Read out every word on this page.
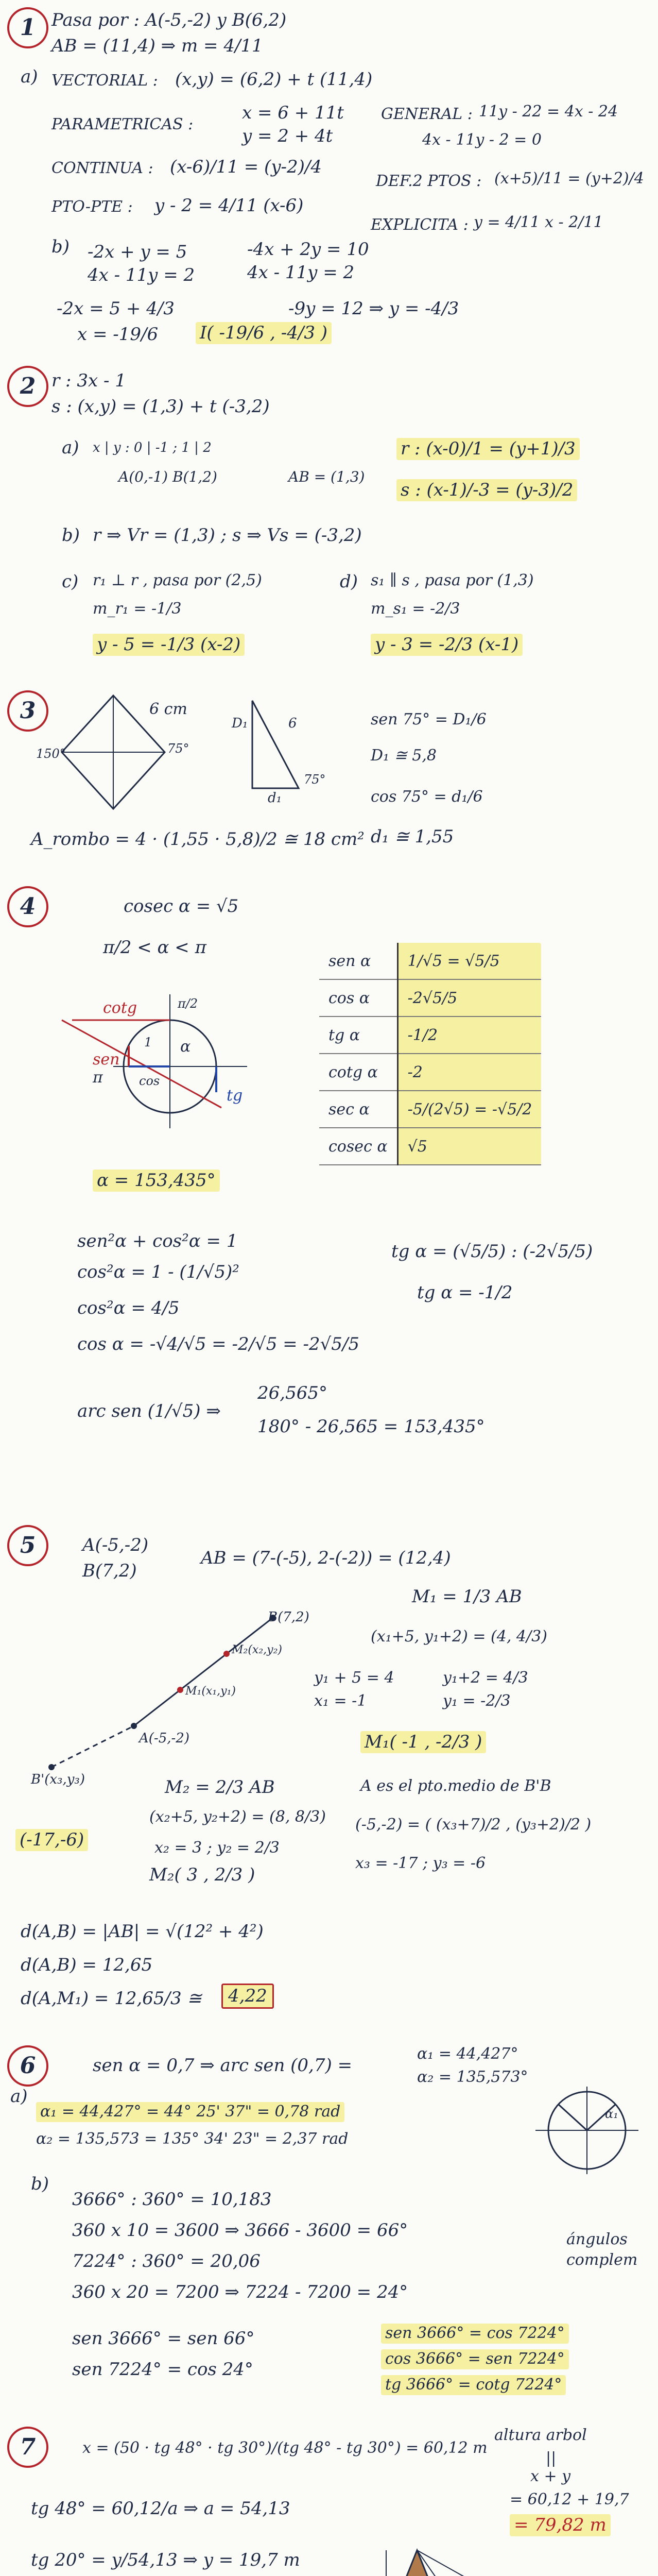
1 Pasa por : A(-5,-2) y B(6,2)
AB = (11,4) ⇒ m = 4/11
a) VECTORIAL : (x,y) = (6,2) + t (11,4)
PARAMETRICAS :
x = 6 + 11t
y = 2 + 4t
GENERAL : 11y - 22 = 4x - 24
4x - 11y - 2 = 0
CONTINUA : (x-6)/11 = (y-2)/4
DEF.2 PTOS : (x+5)/11 = (y+2)/4
PTO-PTE : y - 2 = 4/11 (x-6)
EXPLICITA : y = 4/11 x - 2/11
b) -2x + y = 5
4x - 11y = 2
-4x + 2y = 10
4x - 11y = 2
-9y = 12 ⇒ y = -4/3
-2x = 5 + 4/3
x = -19/6 I( -19/6 , -4/3 )
2 r : 3x - 1
s : (x,y) = (1,3) + t (-3,2)
a) x | y : 0 | -1 ; 1 | 2
A(0,-1) B(1,2)	AB = (1,3)
r : (x-0)/1 = (y+1)/3
s : (x-1)/-3 = (y-3)/2
b) r ⇒ Vr = (1,3) ; s ⇒ Vs = (-3,2)
c) r₁ ⊥ r , pasa por (2,5)
m_r₁ = -1/3
y - 5 = -1/3 (x-2)
d) s₁ ∥ s , pasa por (1,3)
m_s₁ = -2/3
y - 3 = -2/3 (x-1)
3	6 cm
75°
150°
D₁	6
75°
d₁
A_rombo = 4 · (1,55 · 5,8)/2 ≅ 18 cm²
sen 75° = D₁/6
D₁ ≅ 5,8
cos 75° = d₁/6
d₁ ≅ 1,55
4	cosec α = √5
π/2 < α < π
cotg
sen
cos
tg
π
π/2
α
1
sen α	1/√5 = √5/5
cos α	-2√5/5
tg α	-1/2
cotg α	-2
sec α	-5/(2√5) = -√5/2
cosec α	√5
α = 153,435°
sen²α + cos²α = 1
cos²α = 1 - (1/√5)²
cos²α = 4/5
cos α = -√4/√5 = -2/√5 = -2√5/5
tg α = (√5/5) : (-2√5/5)
tg α = -1/2
arc sen (1/√5) ⇒
26,565°
180° - 26,565 = 153,435°
5	A(-5,-2)
B(7,2)
AB = (7-(-5), 2-(-2)) = (12,4)
M₁ = 1/3 AB
(x₁+5, y₁+2) = (4, 4/3)
y₁ + 5 = 4
x₁ = -1
y₁+2 = 4/3
y₁ = -2/3
M₁( -1 , -2/3 )
B(7,2)
M₂(x₂,y₂)
M₁(x₁,y₁)
A(-5,-2)
B'(x₃,y₃)	M₂ = 2/3 AB
(x₂+5, y₂+2) = (8, 8/3)
x₂ = 3 ; y₂ = 2/3
M₂( 3 , 2/3 )
(-17,-6)
A es el pto.medio de B'B
(-5,-2) = ( (x₃+7)/2 , (y₃+2)/2 )
x₃ = -17 ; y₃ = -6
d(A,B) = |AB| = √(12² + 4²)
d(A,B) = 12,65
d(A,M₁) = 12,65/3 ≅	4,22
6	sen α = 0,7 ⇒ arc sen (0,7) =
α₁ = 44,427°
α₂ = 135,573°
a)
α₁ = 44,427° = 44° 25' 37" = 0,78 rad
α₂ = 135,573 = 135° 34' 23" = 2,37 rad
α₁
b)
3666° : 360° = 10,183
360 x 10 = 3600 ⇒ 3666 - 3600 = 66°
7224° : 360° = 20,06
360 x 20 = 7200 ⇒ 7224 - 7200 = 24°
sen 3666° = sen 66°
sen 7224° = cos 24°
ángulos
complem
sen 3666° = cos 7224°
cos 3666° = sen 7224°
tg 3666° = cotg 7224°
7	x = (50 · tg 48° · tg 30°)/(tg 48° - tg 30°) = 60,12 m
tg 48° = 60,12/a ⇒ a = 54,13
tg 20° = y/54,13 ⇒ y = 19,7 m
altura arbol
||
x + y
= 60,12 + 19,7
= 79,82 m
